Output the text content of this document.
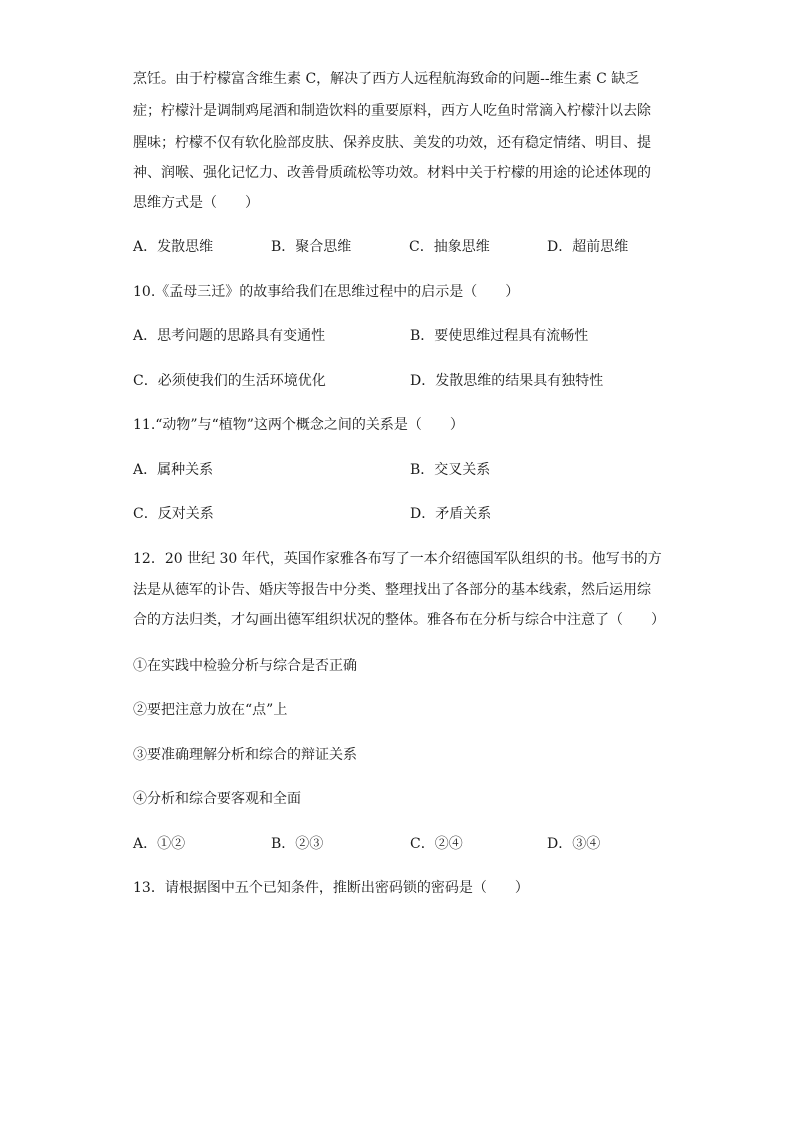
烹饪。由于柠檬富含维生素 C，解决了西方人远程航海致命的问题--维生素 C 缺乏
症；柠檬汁是调制鸡尾酒和制造饮料的重要原料，西方人吃鱼时常滴入柠檬汁以去除
腥味；柠檬不仅有软化脸部皮肤、保养皮肤、美发的功效，还有稳定情绪、明目、提
神、润喉、强化记忆力、改善骨质疏松等功效。材料中关于柠檬的用途的论述体现的
思维方式是（　　）
A．发散思维	B．聚合思维	C．抽象思维	D．超前思维
10.《孟母三迁》的故事给我们在思维过程中的启示是（　　）
A．思考问题的思路具有变通性	B．要使思维过程具有流畅性
C．必须使我们的生活环境优化	D．发散思维的结果具有独特性
11.“动物”与“植物”这两个概念之间的关系是（　　）
A．属种关系	B．交叉关系
C．反对关系	D．矛盾关系
12．20 世纪 30 年代，英国作家雅各布写了一本介绍德国军队组织的书。他写书的方
法是从德军的讣告、婚庆等报告中分类、整理找出了各部分的基本线索，然后运用综
合的方法归类，才勾画出德军组织状况的整体。雅各布在分析与综合中注意了（　　）
①在实践中检验分析与综合是否正确
②要把注意力放在“点”上
③要准确理解分析和综合的辩证关系
④分析和综合要客观和全面
A．①②	B．②③	C．②④	D．③④
13．请根据图中五个已知条件，推断出密码锁的密码是（　　）
